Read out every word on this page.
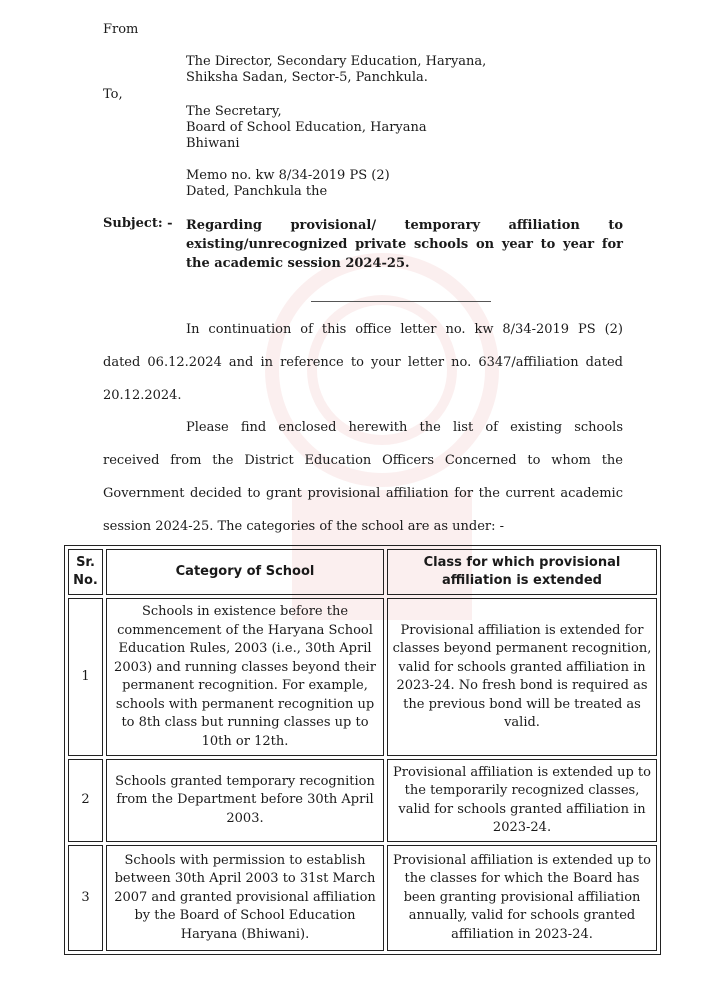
From
The Director, Secondary Education, Haryana,
Shiksha Sadan, Sector-5, Panchkula.
To,
The Secretary,
Board of School Education, Haryana
Bhiwani
Memo no. kw 8/34-2019 PS (2)
Dated, Panchkula the
Subject: - Regarding provisional/ temporary affiliation to
existing/unrecognized private schools on year to year for
the academic session 2024-25.
In continuation of this office letter no. kw 8/34-2019 PS (2)
dated 06.12.2024 and in reference to your letter no. 6347/affiliation dated
20.12.2024.
Please find enclosed herewith the list of existing schools
received from the District Education Officers Concerned to whom the
Government decided to grant provisional affiliation for the current academic
session 2024-25. The categories of the school are as under: -
Sr. No.	Category of School	Class for which provisional affiliation is extended
1	Schools in existence before the commencement of the Haryana School Education Rules, 2003 (i.e., 30th April 2003) and running classes beyond their permanent recognition. For example, schools with permanent recognition up to 8th class but running classes up to 10th or 12th.	Provisional affiliation is extended for classes beyond permanent recognition, valid for schools granted affiliation in 2023-24. No fresh bond is required as the previous bond will be treated as valid.
2	Schools granted temporary recognition from the Department before 30th April 2003.	Provisional affiliation is extended up to the temporarily recognized classes, valid for schools granted affiliation in 2023-24.
3	Schools with permission to establish between 30th April 2003 to 31st March 2007 and granted provisional affiliation by the Board of School Education Haryana (Bhiwani).	Provisional affiliation is extended up to the classes for which the Board has been granting provisional affiliation annually, valid for schools granted affiliation in 2023-24.
